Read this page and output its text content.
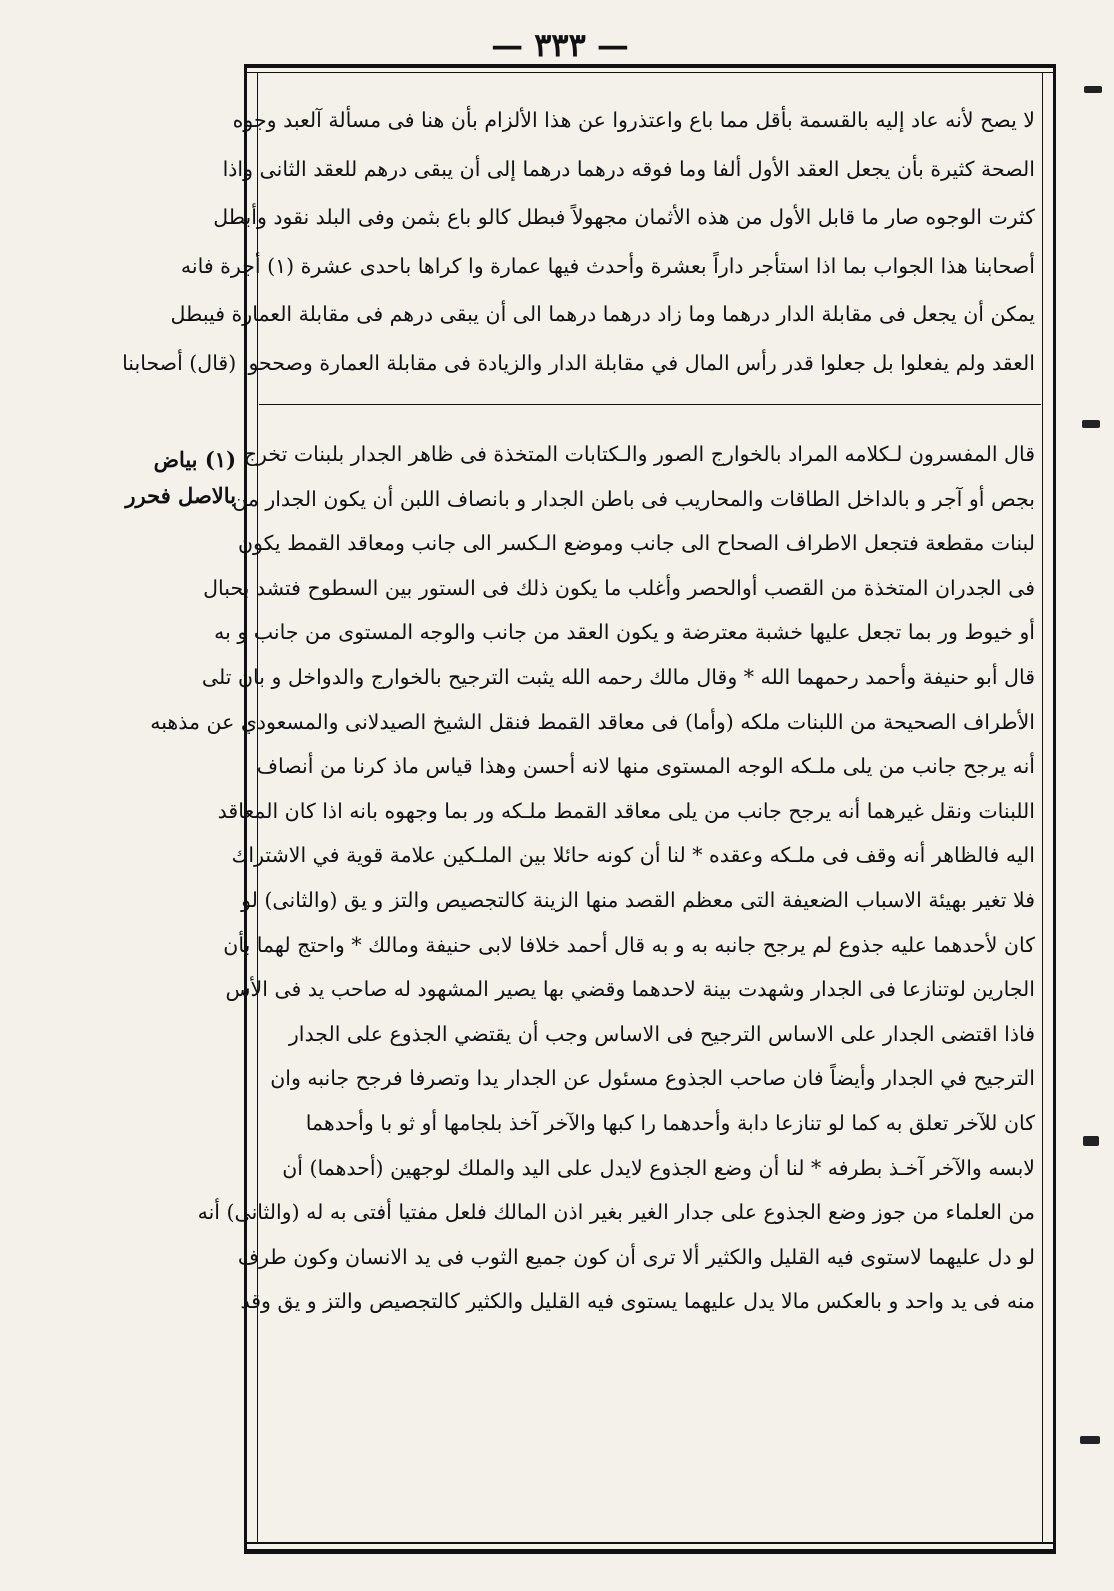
— ٣٣٣ —

لا يصح لأنه عاد إليه بالقسمة بأقل مما باع واعتذروا عن هذا الألزام بأن هنا فى مسألة آلعبد وجوه

الصحة كثيرة بأن يجعل العقد الأول ألفا وما فوقه درهما درهما إلى أن يبقى درهم للعقد الثانى واذا

كثرت الوجوه صار ما قابل الأول من هذه الأثمان مجهولاً فبطل كالو باع بثمن وفى البلد نقود وأبطل

أصحابنا هذا الجواب بما اذا استأجر داراً بعشرة وأحدث فيها عمارة وا كراها باحدى عشرة (١) أجرة فانه

يمكن أن يجعل فى مقابلة الدار درهما وما زاد درهما درهما الى أن يبقى درهم فى مقابلة العمارة فيبطل

العقد ولم يفعلوا بل جعلوا قدر رأس المال في مقابلة الدار والزيادة فى مقابلة العمارة وصححوا (قال) أصحابنا

قال المفسرون لـكلامه المراد بالخوارج الصور والـكتابات المتخذة فى ظاهر الجدار بلبنات تخرج

بجص أو آجر و بالداخل الطاقات والمحاريب فى باطن الجدار و بانصاف اللبن أن يكون الجدار من

لبنات مقطعة فتجعل الاطراف الصحاح الى جانب وموضع الـكسر الى جانب ومعاقد القمط يكون

فى الجدران المتخذة من القصب أوالحصر وأغلب ما يكون ذلك فى الستور بين السطوح فتشد بحبال

أو خيوط ور بما تجعل عليها خشبة معترضة و يكون العقد من جانب والوجه المستوى من جانب و به

قال أبو حنيفة وأحمد رحمهما الله * وقال مالك رحمه الله يثبت الترجيح بالخوارج والدواخل و بان تلى

الأطراف الصحيحة من اللبنات ملكه (وأما) فى معاقد القمط فنقل الشيخ الصيدلانى والمسعودي عن مذهبه

أنه يرجح جانب من يلى ملـكه الوجه المستوى منها لانه أحسن وهذا قياس ماذ كرنا من أنصاف

اللبنات ونقل غيرهما أنه يرجح جانب من يلى معاقد القمط ملـكه ور بما وجهوه بانه اذا كان المعاقد

اليه فالظاهر أنه وقف فى ملـكه وعقده * لنا أن كونه حائلا بين الملـكين علامة قوية في الاشتراك

فلا تغير بهيئة الاسباب الضعيفة التى معظم القصد منها الزينة كالتجصيص والتز و يق (والثانى) لو

كان لأحدهما عليه جذوع لم يرجح جانبه به و به قال أحمد خلافا لابى حنيفة ومالك * واحتج لهما بأن

الجارين لوتنازعا فى الجدار وشهدت بينة لاحدهما وقضي بها يصير المشهود له صاحب يد فى الأس

فاذا اقتضى الجدار على الاساس الترجيح فى الاساس وجب أن يقتضي الجذوع على الجدار

الترجيح في الجدار وأيضاً فان صاحب الجذوع مسئول عن الجدار يدا وتصرفا فرجح جانبه وان

كان للآخر تعلق به كما لو تنازعا دابة وأحدهما را كبها والآخر آخذ بلجامها أو ثو با وأحدهما

لابسه والآخر آخـذ بطرفه * لنا أن وضع الجذوع لايدل على اليد والملك لوجهين (أحدهما) أن

من العلماء من جوز وضع الجذوع على جدار الغير بغير اذن المالك فلعل مفتيا أفتى به له (والثانى) أنه

لو دل عليهما لاستوى فيه القليل والكثير ألا ترى أن كون جميع الثوب فى يد الانسان وكون طرف

منه فى يد واحد و بالعكس مالا يدل عليهما يستوى فيه القليل والكثير كالتجصيص والتز و يق وقد

(١) بياض
بالاصل فحرر
